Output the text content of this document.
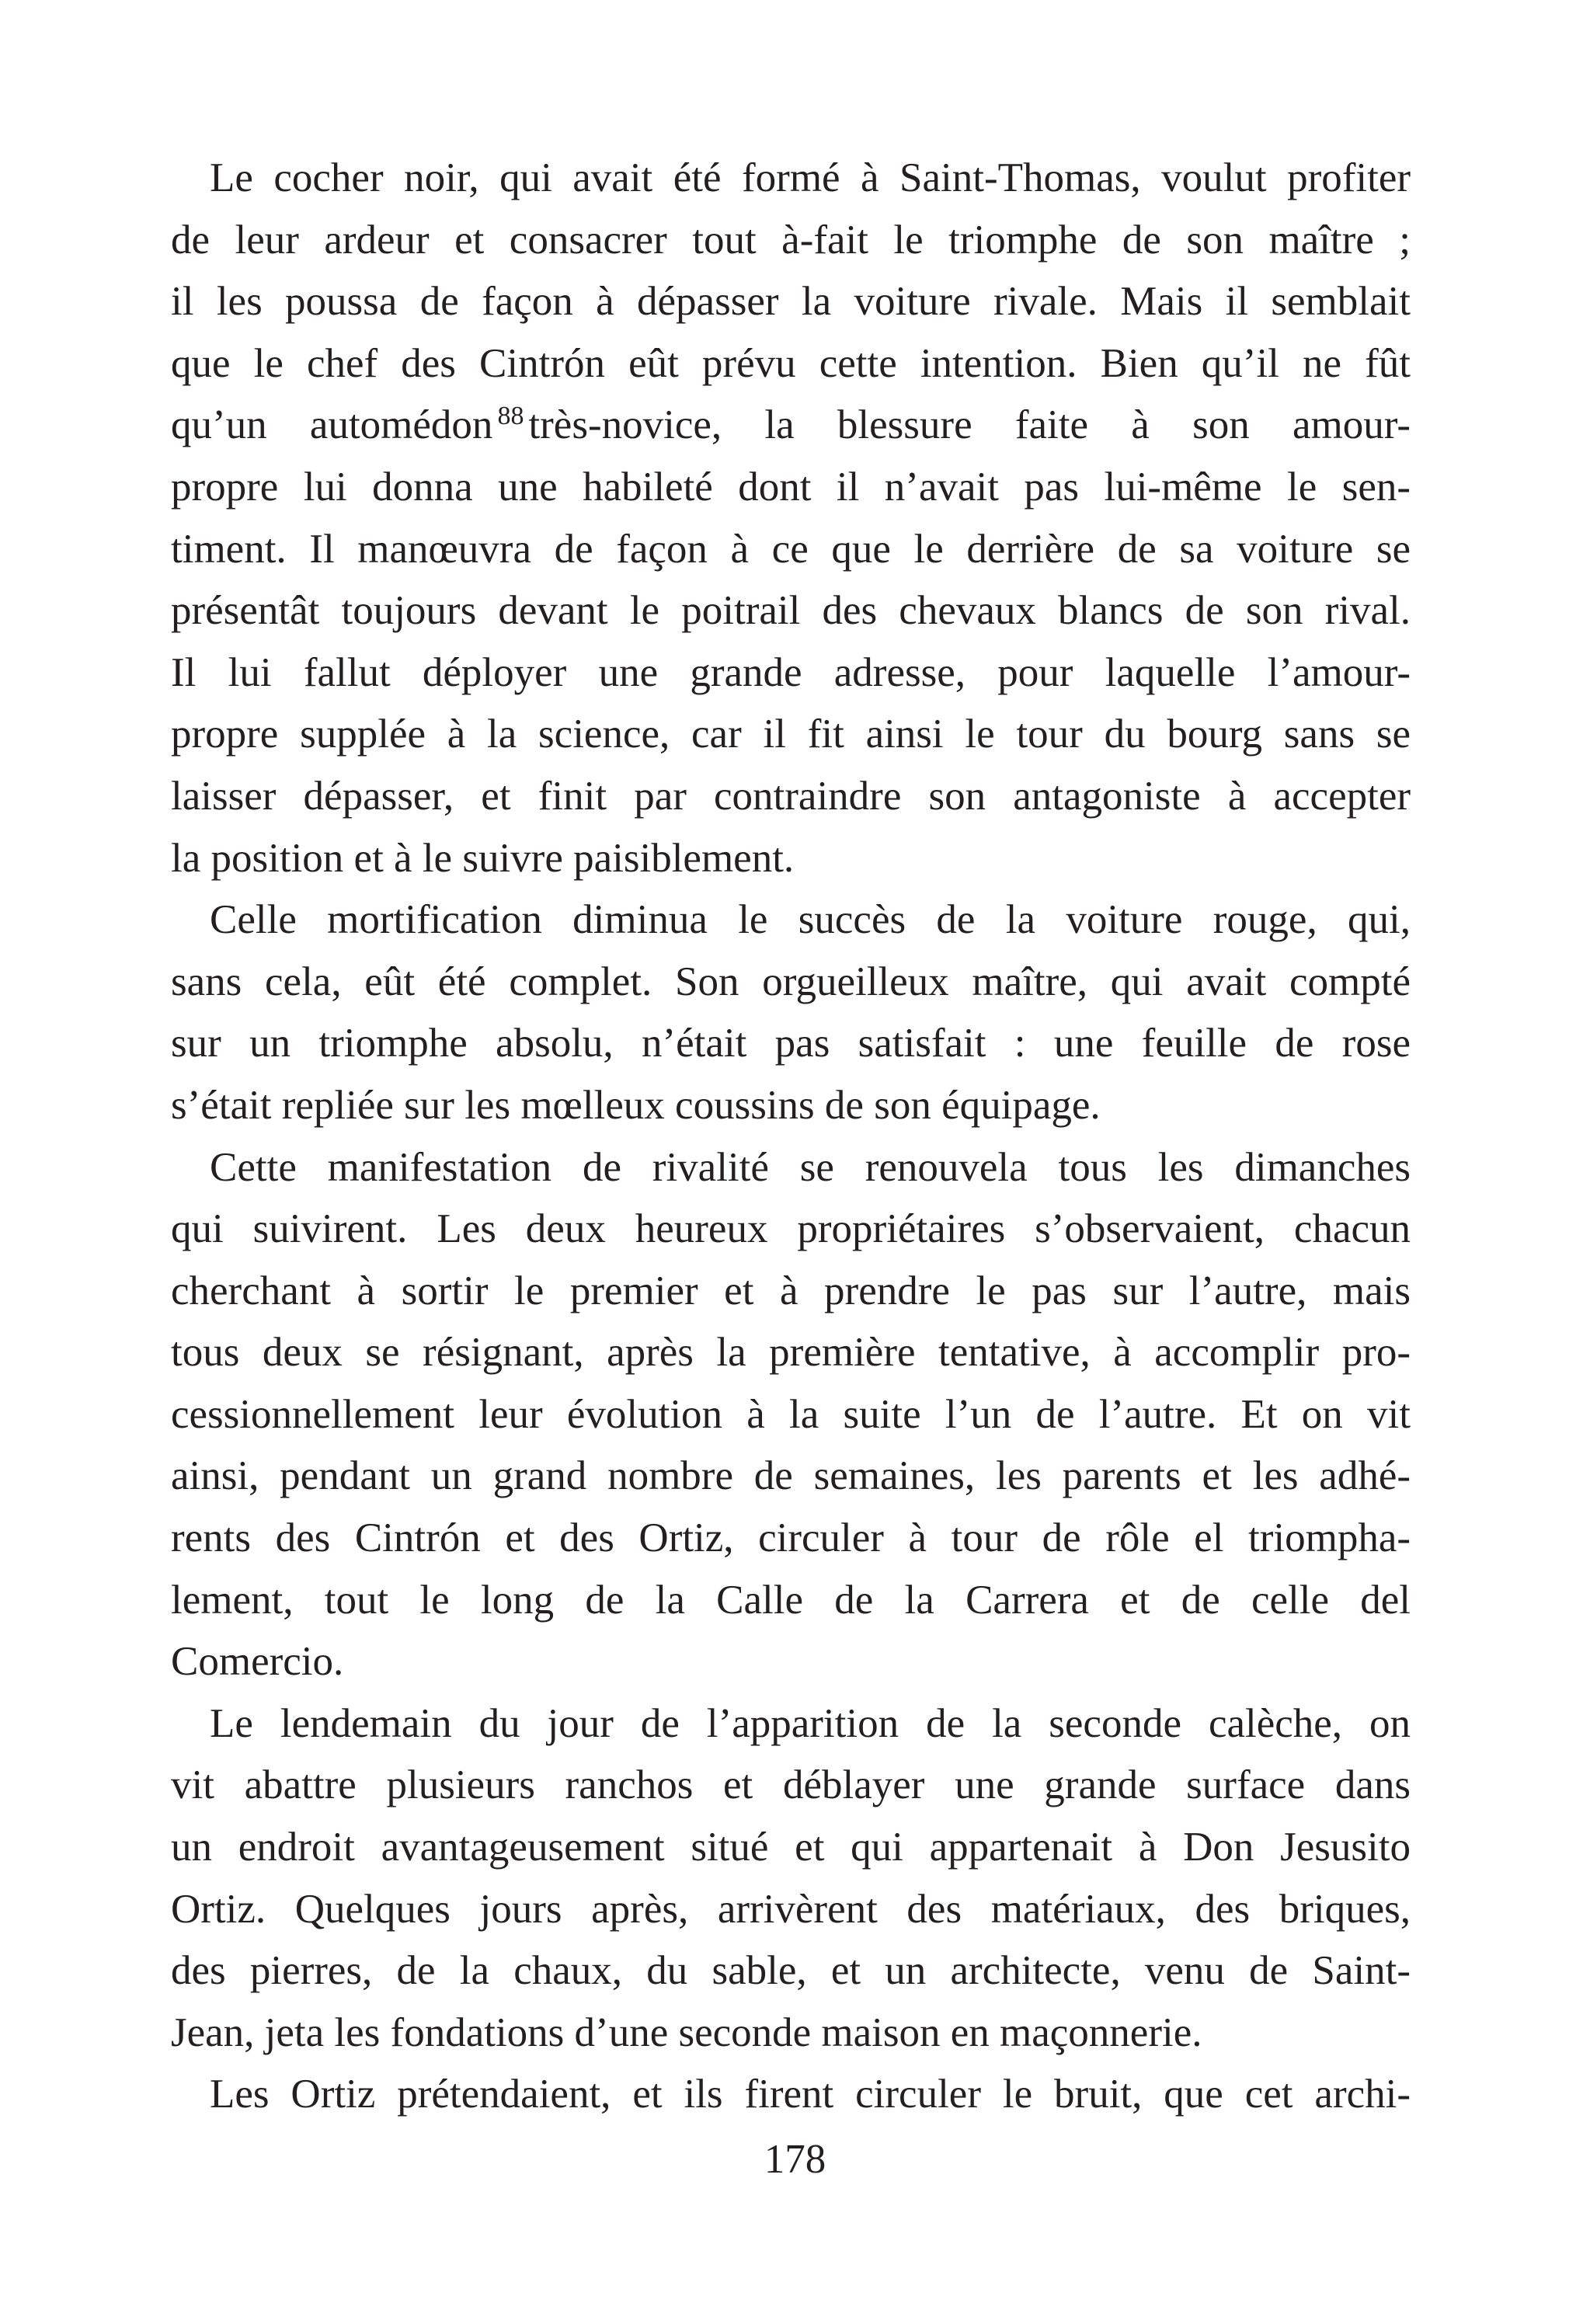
Le cocher noir, qui avait été formé à Saint-Thomas, voulut profiter
de leur ardeur et consacrer tout à-fait le triomphe de son maître ;
il les poussa de façon à dépasser la voiture rivale. Mais il semblait
que le chef des Cintrón eût prévu cette intention. Bien qu’il ne fût
qu’un automédon $^{88}$ très-novice, la blessure faite à son amour-
propre lui donna une habileté dont il n’avait pas lui-même le sen-
timent. Il manœuvra de façon à ce que le derrière de sa voiture se
présentât toujours devant le poitrail des chevaux blancs de son rival.
Il lui fallut déployer une grande adresse, pour laquelle l’amour-
propre supplée à la science, car il fit ainsi le tour du bourg sans se
laisser dépasser, et finit par contraindre son antagoniste à accepter
la position et à le suivre paisiblement.
Celle mortification diminua le succès de la voiture rouge, qui,
sans cela, eût été complet. Son orgueilleux maître, qui avait compté
sur un triomphe absolu, n’était pas satisfait : une feuille de rose
s’était repliée sur les mœlleux coussins de son équipage.
Cette manifestation de rivalité se renouvela tous les dimanches
qui suivirent. Les deux heureux propriétaires s’observaient, chacun
cherchant à sortir le premier et à prendre le pas sur l’autre, mais
tous deux se résignant, après la première tentative, à accomplir pro-
cessionnellement leur évolution à la suite l’un de l’autre. Et on vit
ainsi, pendant un grand nombre de semaines, les parents et les adhé-
rents des Cintrón et des Ortiz, circuler à tour de rôle el triompha-
lement, tout le long de la Calle de la Carrera et de celle del
Comercio.
Le lendemain du jour de l’apparition de la seconde calèche, on
vit abattre plusieurs ranchos et déblayer une grande surface dans
un endroit avantageusement situé et qui appartenait à Don Jesusito
Ortiz. Quelques jours après, arrivèrent des matériaux, des briques,
des pierres, de la chaux, du sable, et un architecte, venu de Saint-
Jean, jeta les fondations d’une seconde maison en maçonnerie.
Les Ortiz prétendaient, et ils firent circuler le bruit, que cet archi-
178
